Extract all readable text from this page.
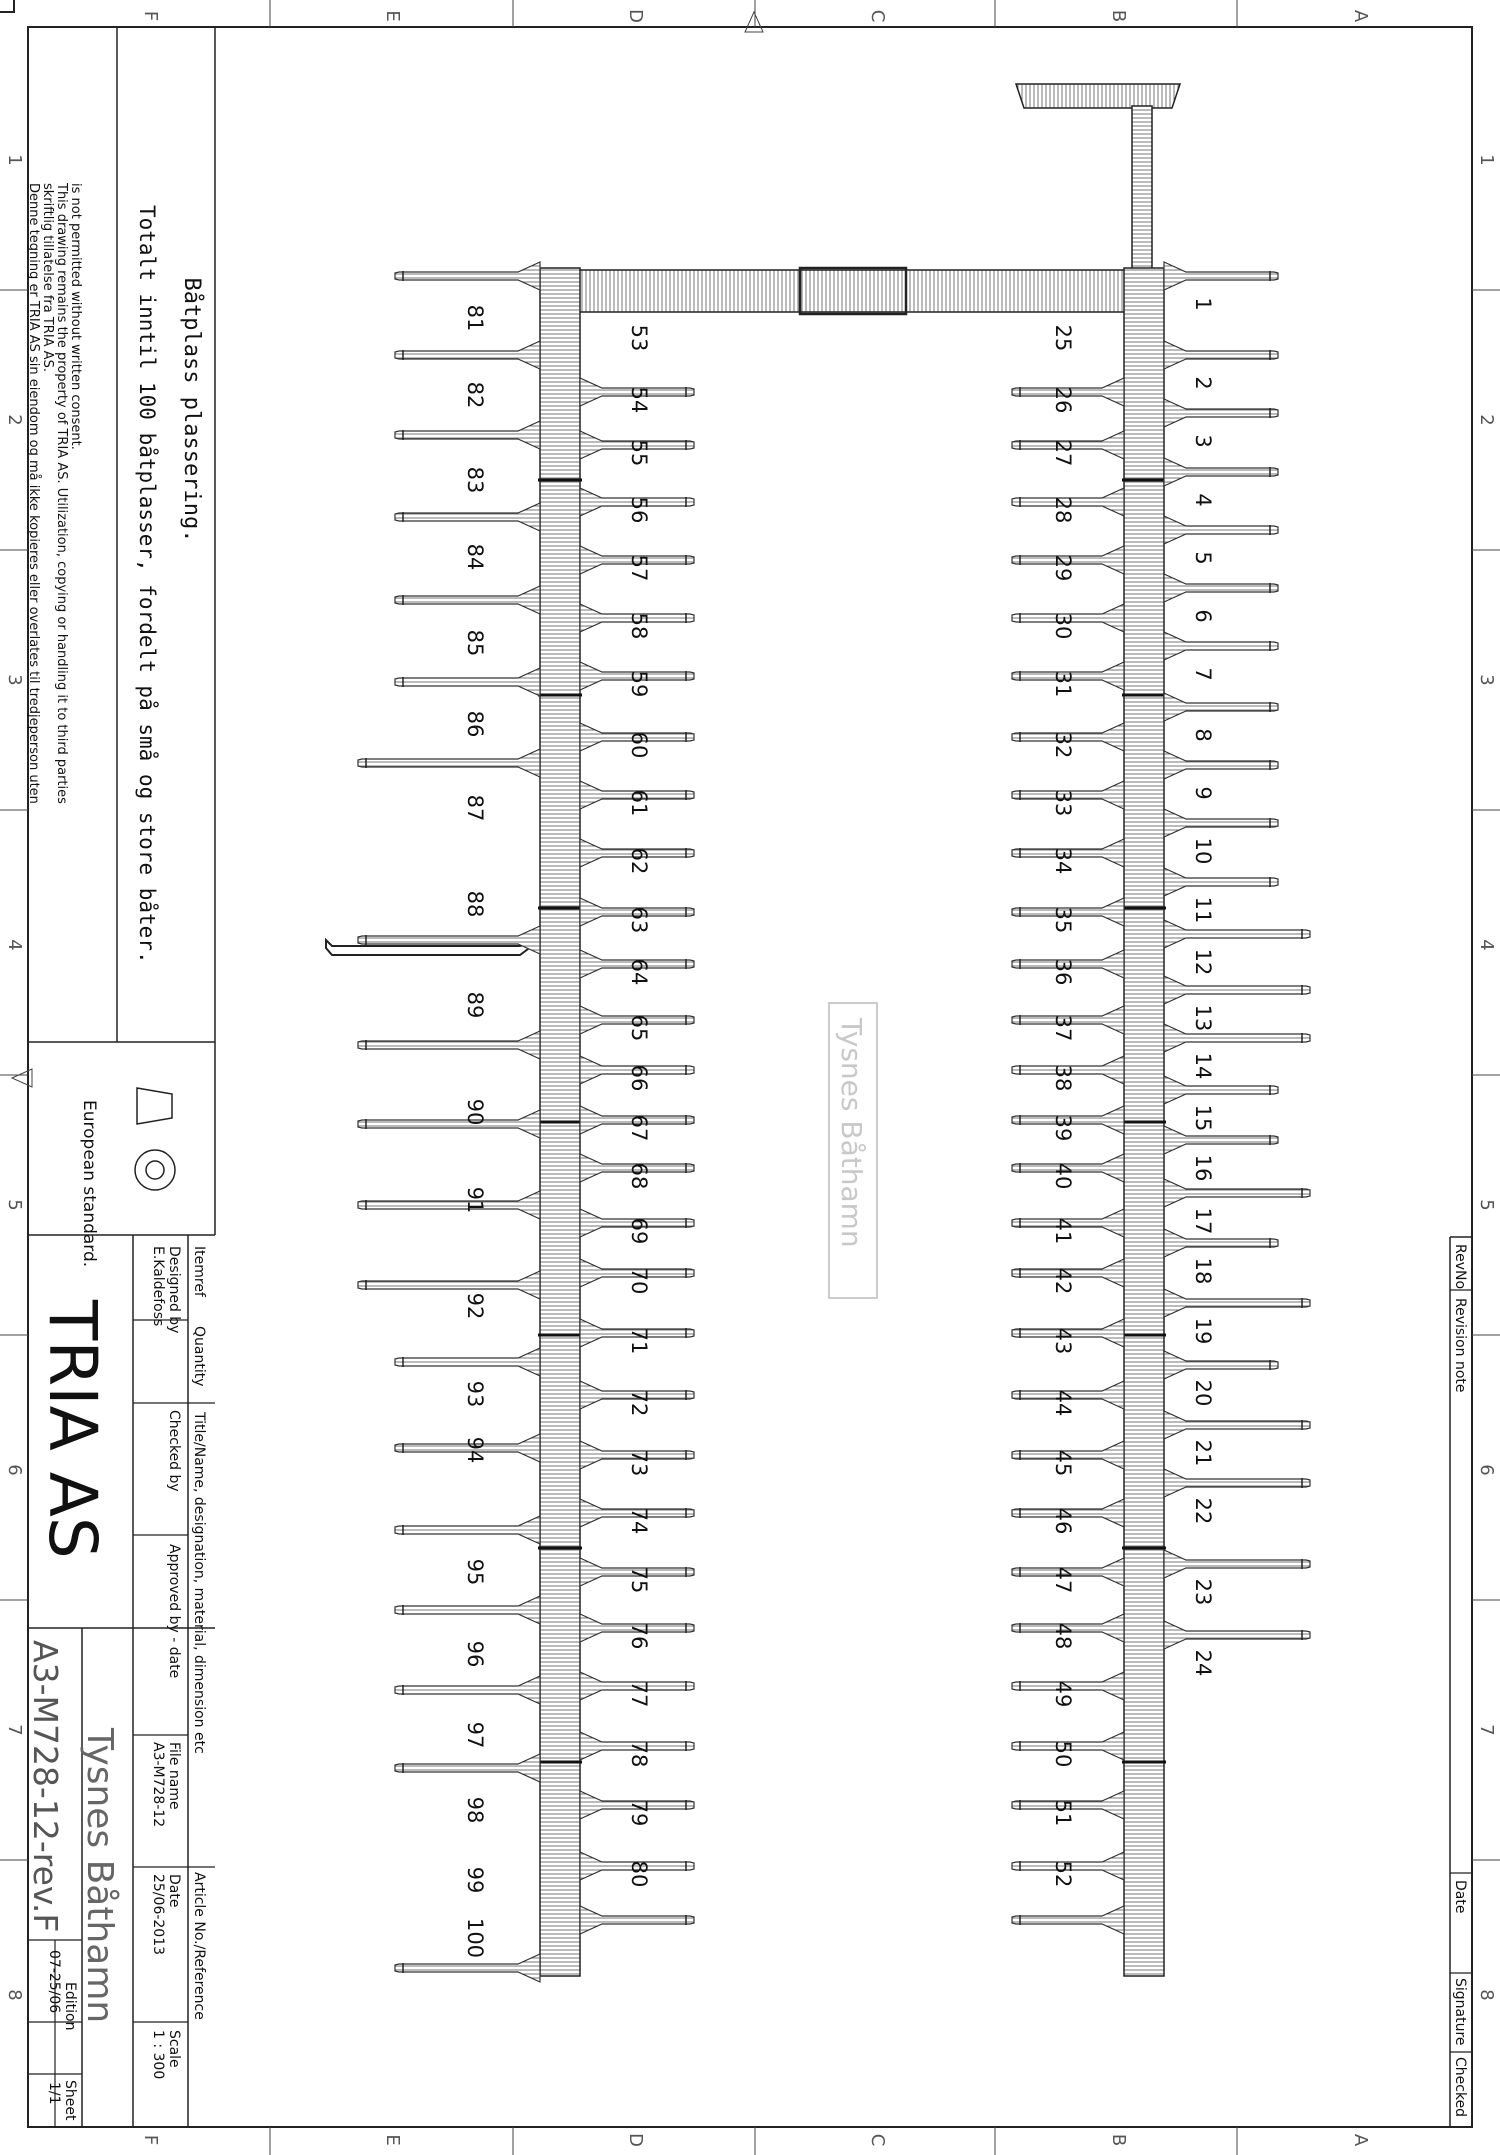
F
F
E
E
D
D
C
C
B
B
A
A
1	1
2	2
3	3
4	4
5	5
6	6
7	7
8	8
Båtplass plassering.
Totalt inntil 100 båtplasser, fordelt på små og store båter.
Denne tegning er TRIA AS sin eiendom og må ikke kopieres eller overlates til tredjeperson uten skriftlig tillatelse fra TRIA AS. This drawing remains the property of TRIA AS. Utilization, copying or handling it to third parties is not permitted without written consent.
European standard.
Itemref
Quantity
Title/Name, designation, material, dimension etc
Article No./Reference
Designed by
E.Kaldefoss
Checked by
Approved by - date
File name
A3-M728-12
Date
25/06-2013
Scale
1 : 300
TRIA AS
Tysnes Båthamn
A3-M728-12-rev.F
Edition
07-25/06
Sheet
1/1
RevNo
Revision note
Date
Signature
Checked
1
2
3
4
5
6
7
8
9
10
11
12
13
14
15
16
17
18
19
20
21
22
23
24
25
26
27
28
29
30
31
32
33
34
35
36
37
38
39
40
41
42
43
44
45
46
47
48
49
50
51
52
53
54
55
56
57
58
59
60
61
62
63
64
65
66
67
68
69
70
71
72
73
74
75
76
77
78
79
80
81
82
83
84
85
86
87
88
89
90
91
92
93
94
95
96
97
98
99
100
Tysnes Båthamn
